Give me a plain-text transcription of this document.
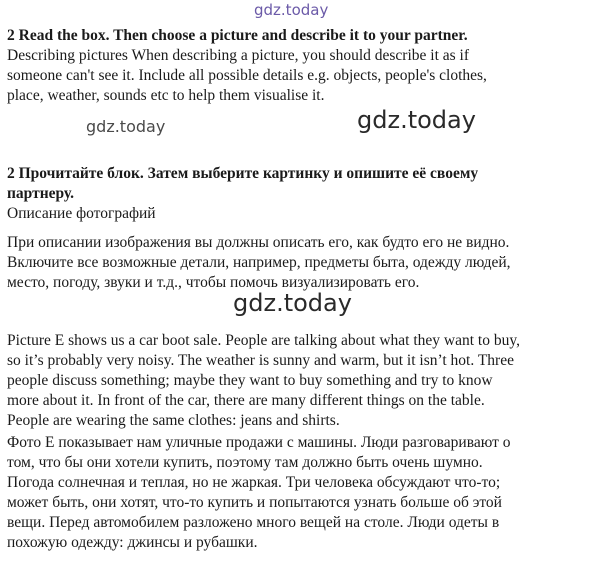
gdz.today

2 Read the box. Then choose a picture and describe it to your partner.

Describing pictures When describing a picture, you should describe it as if

someone can't see it. Include all possible details e.g. objects, people's clothes,

place, weather, sounds etc to help them visualise it.

gdz.today	gdz.today

2 Прочитайте блок. Затем выберите картинку и опишите её своему

партнеру.

Описание фотографий

При описании изображения вы должны описать его, как будто его не видно.

Включите все возможные детали, например, предметы быта, одежду людей,

место, погоду, звуки и т.д., чтобы помочь визуализировать его.

gdz.today

Picture E shows us a car boot sale. People are talking about what they want to buy,

so it’s probably very noisy. The weather is sunny and warm, but it isn’t hot. Three

people discuss something; maybe they want to buy something and try to know

more about it. In front of the car, there are many different things on the table.

People are wearing the same clothes: jeans and shirts.

Фото Е показывает нам уличные продажи с машины. Люди разговаривают о

том, что бы они хотели купить, поэтому там должно быть очень шумно.

Погода солнечная и теплая, но не жаркая. Три человека обсуждают что-то;

может быть, они хотят, что-то купить и попытаются узнать больше об этой

вещи. Перед автомобилем разложено много вещей на столе. Люди одеты в

похожую одежду: джинсы и рубашки.
